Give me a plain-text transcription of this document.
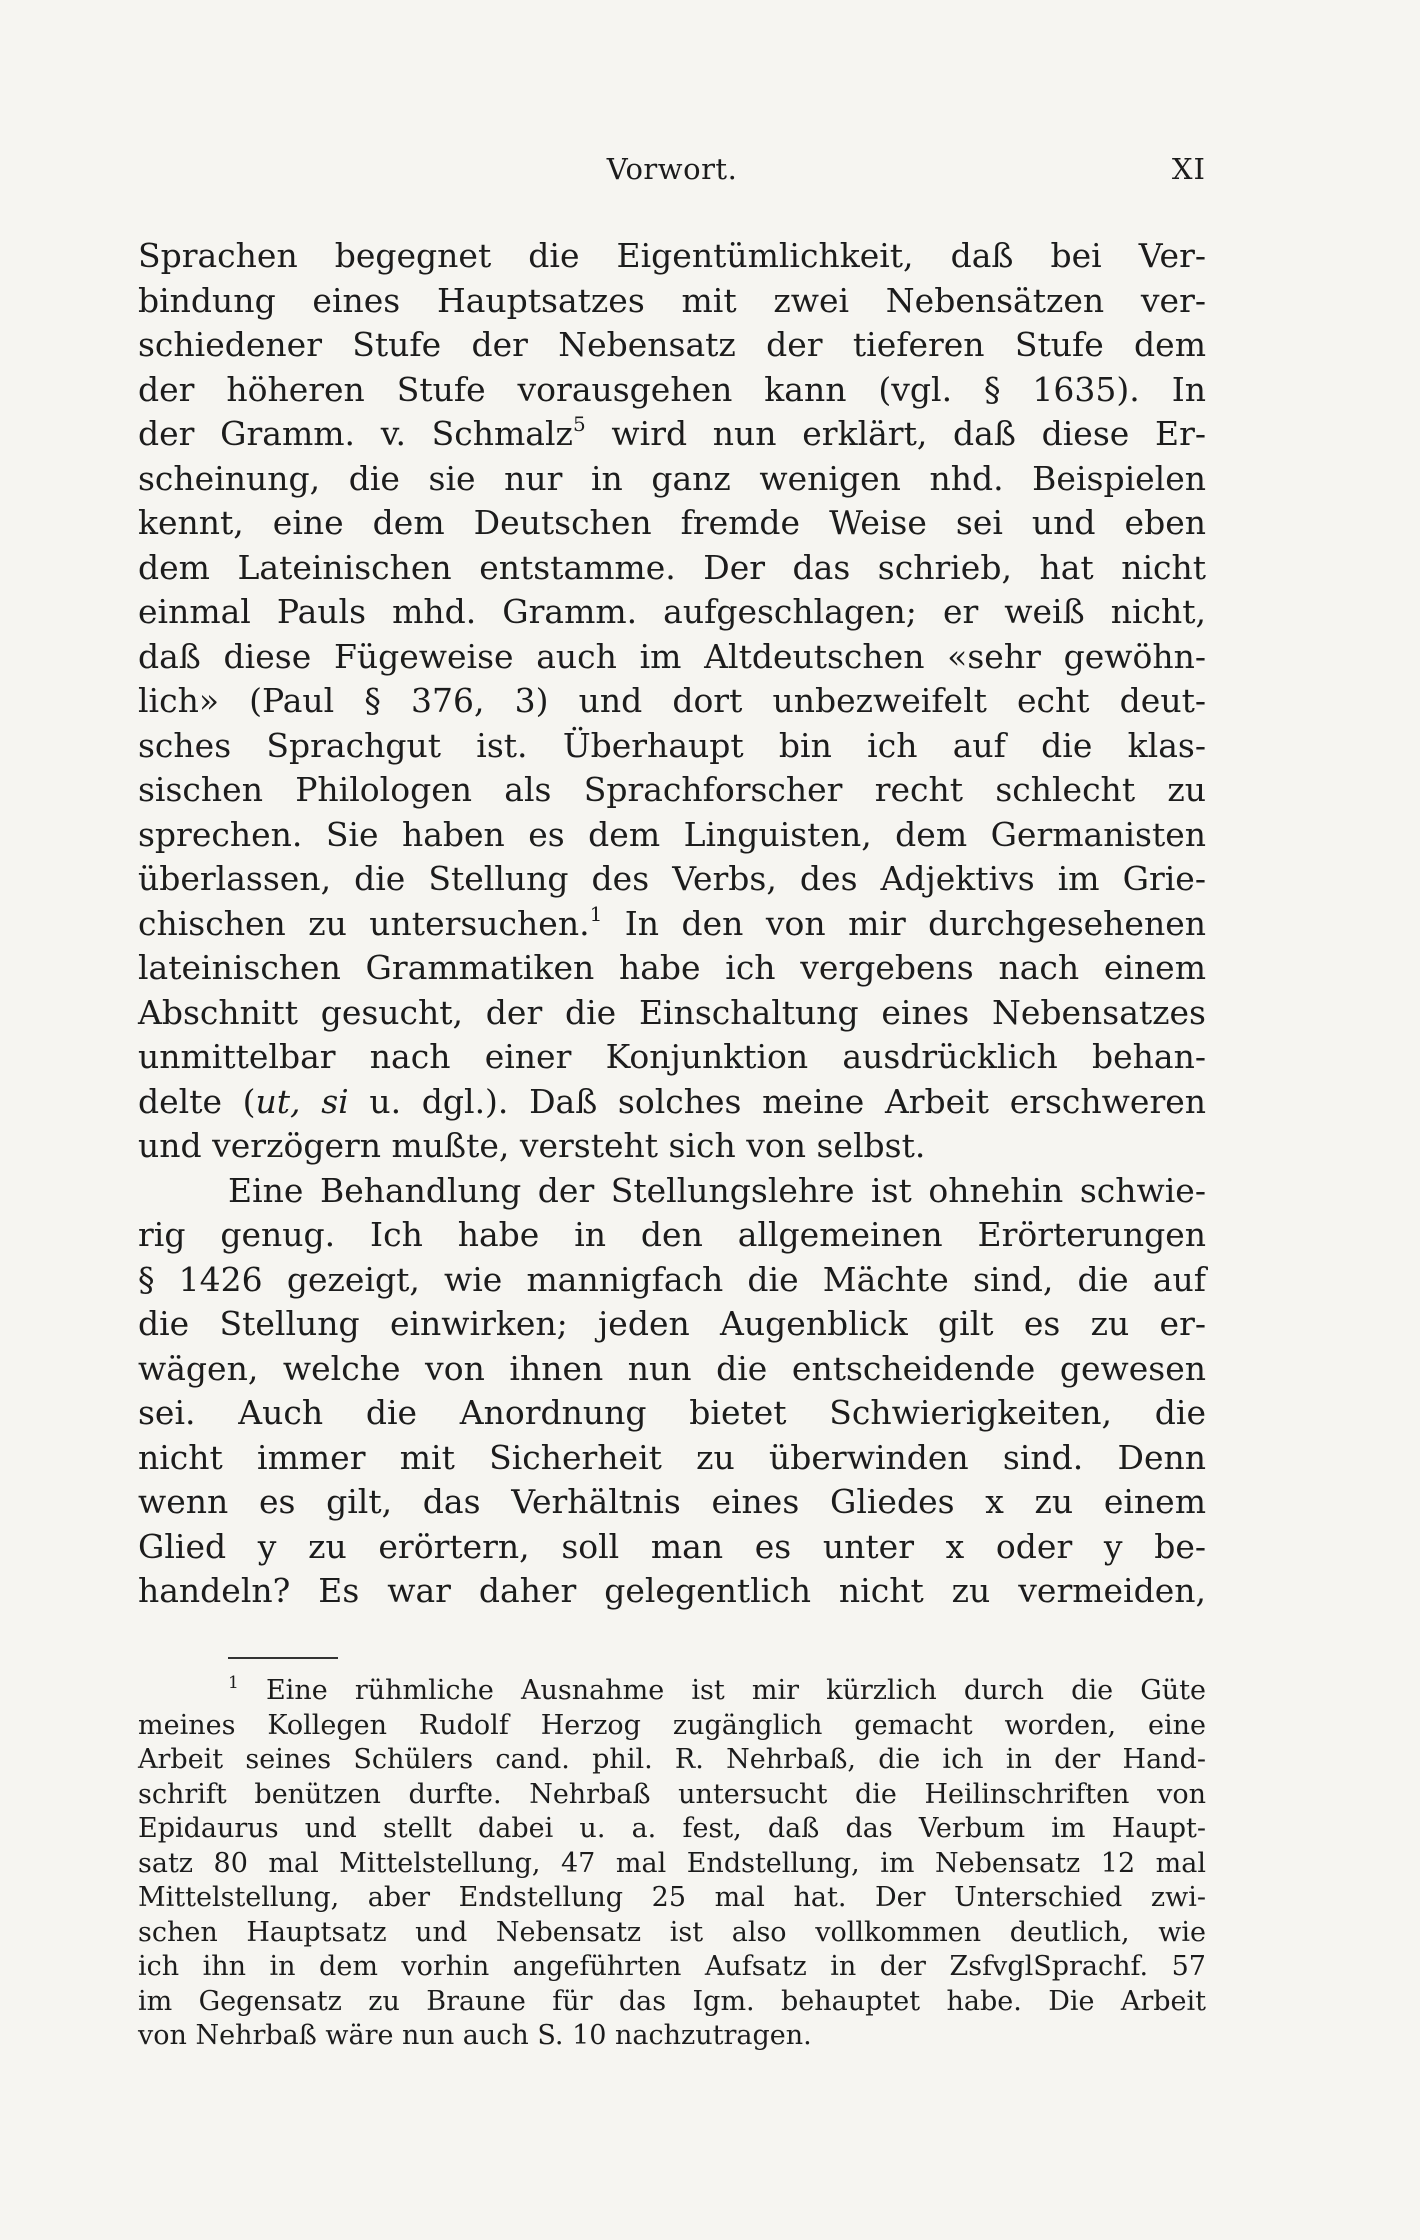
Vorwort.	XI
Sprachen begegnet die Eigentümlichkeit, daß bei Ver-
bindung eines Hauptsatzes mit zwei Nebensätzen ver-
schiedener Stufe der Nebensatz der tieferen Stufe dem
der höheren Stufe vorausgehen kann (vgl. § 1635). In
der Gramm. v. Schmalz$^5$ wird nun erklärt, daß diese Er-
scheinung, die sie nur in ganz wenigen nhd. Beispielen
kennt, eine dem Deutschen fremde Weise sei und eben
dem Lateinischen entstamme. Der das schrieb, hat nicht
einmal Pauls mhd. Gramm. aufgeschlagen; er weiß nicht,
daß diese Fügeweise auch im Altdeutschen «sehr gewöhn-
lich» (Paul § 376, 3) und dort unbezweifelt echt deut-
sches Sprachgut ist. Überhaupt bin ich auf die klas-
sischen Philologen als Sprachforscher recht schlecht zu
sprechen. Sie haben es dem Linguisten, dem Germanisten
überlassen, die Stellung des Verbs, des Adjektivs im Grie-
chischen zu untersuchen.$^1$ In den von mir durchgesehenen
lateinischen Grammatiken habe ich vergebens nach einem
Abschnitt gesucht, der die Einschaltung eines Nebensatzes
unmittelbar nach einer Konjunktion ausdrücklich behan-
delte (ut, si u. dgl.). Daß solches meine Arbeit erschweren
und verzögern mußte, versteht sich von selbst.
Eine Behandlung der Stellungslehre ist ohnehin schwie-
rig genug. Ich habe in den allgemeinen Erörterungen
§ 1426 gezeigt, wie mannigfach die Mächte sind, die auf
die Stellung einwirken; jeden Augenblick gilt es zu er-
wägen, welche von ihnen nun die entscheidende gewesen
sei. Auch die Anordnung bietet Schwierigkeiten, die
nicht immer mit Sicherheit zu überwinden sind. Denn
wenn es gilt, das Verhältnis eines Gliedes x zu einem
Glied y zu erörtern, soll man es unter x oder y be-
handeln? Es war daher gelegentlich nicht zu vermeiden,
$^1$ Eine rühmliche Ausnahme ist mir kürzlich durch die Güte
meines Kollegen Rudolf Herzog zugänglich gemacht worden, eine
Arbeit seines Schülers cand. phil. R. Nehrbaß, die ich in der Hand-
schrift benützen durfte. Nehrbaß untersucht die Heilinschriften von
Epidaurus und stellt dabei u. a. fest, daß das Verbum im Haupt-
satz 80 mal Mittelstellung, 47 mal Endstellung, im Nebensatz 12 mal
Mittelstellung, aber Endstellung 25 mal hat. Der Unterschied zwi-
schen Hauptsatz und Nebensatz ist also vollkommen deutlich, wie
ich ihn in dem vorhin angeführten Aufsatz in der ZsfvglSprachf. 57
im Gegensatz zu Braune für das Igm. behauptet habe. Die Arbeit
von Nehrbaß wäre nun auch S. 10 nachzutragen.
